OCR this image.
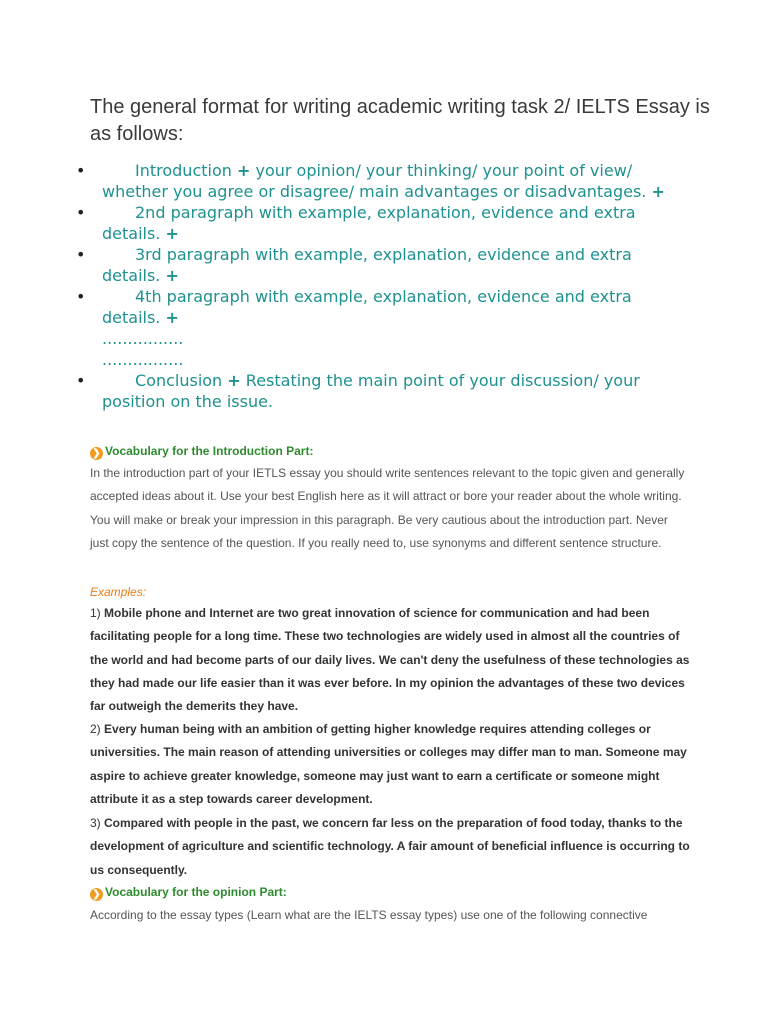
The general format for writing academic writing task 2/ IELTS Essay is as follows:
•	Introduction + your opinion/ your thinking/ your point of view/ whether you agree or disagree/ main advantages or disadvantages. +
•	2nd paragraph with example, explanation, evidence and extra details. +
•	3rd paragraph with example, explanation, evidence and extra details. +
•	4th paragraph with example, explanation, evidence and extra details. +
................
................
•	Conclusion + Restating the main point of your discussion/ your position on the issue.
❯ Vocabulary for the Introduction Part:

In the introduction part of your IETLS essay you should write sentences relevant to the topic given and generally accepted ideas about it. Use your best English here as it will attract or bore your reader about the whole writing. You will make or break your impression in this paragraph. Be very cautious about the introduction part. Never just copy the sentence of the question. If you really need to, use synonyms and different sentence structure.

Examples:

1) Mobile phone and Internet are two great innovation of science for communication and had been facilitating people for a long time. These two technologies are widely used in almost all the countries of the world and had become parts of our daily lives. We can't deny the usefulness of these technologies as they had made our life easier than it was ever before. In my opinion the advantages of these two devices far outweigh the demerits they have.

2) Every human being with an ambition of getting higher knowledge requires attending colleges or universities. The main reason of attending universities or colleges may differ man to man. Someone may aspire to achieve greater knowledge, someone may just want to earn a certificate or someone might attribute it as a step towards career development.

3) Compared with people in the past, we concern far less on the preparation of food today, thanks to the development of agriculture and scientific technology. A fair amount of beneficial influence is occurring to us consequently.

❯ Vocabulary for the opinion Part:

According to the essay types (Learn what are the IELTS essay types) use one of the following connective
